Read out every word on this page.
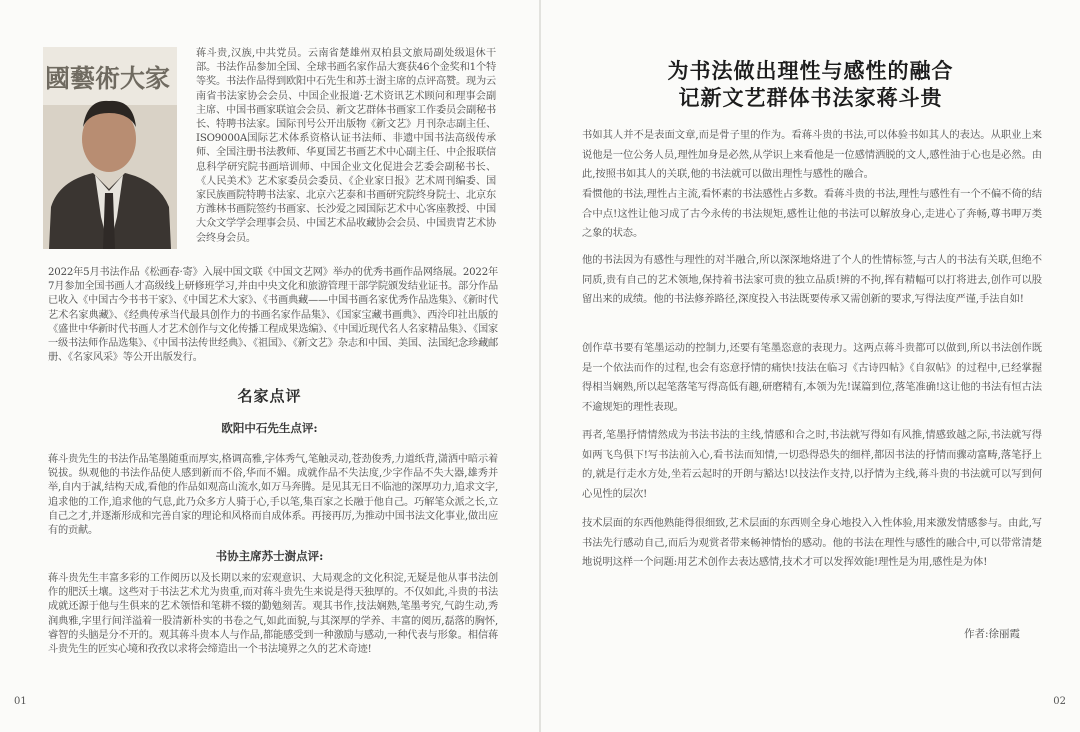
國藝術大家

蒋斗贵,汉族,中共党员。云南省楚雄州双柏县文旅局副处级退休干部。书法作品参加全国、全球书画名家作品大赛获46个金奖和1个特等奖。书法作品得到欧阳中石先生和苏士澍主席的点评高赞。现为云南省书法家协会会员、中国企业报道·艺术资讯艺术顾问和理事会副主席、中国书画家联谊会会员、新文艺群体书画家工作委员会副秘书长、特聘书法家。国际刊号公开出版物《新文艺》月刊杂志副主任、ISO9000A国际艺术体系资格认证书法师、非遗中国书法高级传承师、全国注册书法教师、华夏国艺书画艺术中心副主任、中企报联信息科学研究院书画培训师、中国企业文化促进会艺委会副秘书长、《人民美术》艺术家委员会委员、《企业家日报》艺术周刊编委、国家民族画院特聘书法家、北京六艺泰和书画研究院终身院士、北京东方潍林书画院签约书画家、长沙爱之园国际艺术中心客座教授、中国大众文学学会理事会员、中国艺术品收藏协会会员、中国贵胄艺术协会终身会员。

2022年5月书法作品《松画春·寄》入展中国文联《中国文艺网》举办的优秀书画作品网络展。2022年7月参加全国书画人才高级线上研修班学习,并由中央文化和旅游管理干部学院颁发结业证书。部分作品已收入《中国古今书书干家》、《中国艺术大家》、《书画典藏——中国书画名家优秀作品选集》、《新时代艺术名家典藏》、《经典传承当代最具创作力的书画名家作品集》、《国家宝藏书画典》、西泠印社出版的《盛世中华新时代书画人才艺术创作与文化传播工程成果选编》、《中国近现代名人名家精品集》、《国家一级书法师作品选集》、《中国书法传世经典》、《祖国》、《新文艺》杂志和中国、美国、法国纪念珍藏邮册、《名家风采》等公开出版发行。

名家点评

欧阳中石先生点评:

蒋斗贵先生的书法作品笔墨随重而厚实,格调高雅,字体秀气,笔触灵动,苍劲俊秀,力道纸背,潇洒中暗示着锐拔。纵观他的书法作品使人感到新而不俗,华而不媚。成就作品不失法度,少字作品不失大器,雄秀并举,自内于誠,结构天成,看他的作品如观高山流水,如万马奔腾。是见其无日不临池的深厚功力,追求文字,追求他的工作,追求他的气息,此乃众多方人骑于心,手以笔,集百家之长融于他自己。巧解笔众派之长,立自己之才,并逐渐形成和完善自家的理论和风格而自成体系。再接再厉,为推动中国书法文化事业,做出应有的贡献。

书协主席苏士澍点评:

蒋斗贵先生丰富多彩的工作阅历以及长期以来的宏观意识、大局观念的文化积淀,无疑是他从事书法创作的肥沃土壤。这些对于书法艺术尤为贵重,而对蒋斗贵先生来说是得天独厚的。不仅如此,斗贵的书法成就还源于他与生俱来的艺术领悟和笔耕不辍的勤勉刻苦。观其书作,技法娴熟,笔墨考究,气韵生动,秀润典雅,字里行间洋溢着一股清新朴实的书卷之气,如此面貌,与其深厚的学养、丰富的阅历,磊落的胸怀,睿智的头脑是分不开的。观其蒋斗贵本人与作品,都能感受到一种激励与感动,一种代表与形象。相信蒋斗贵先生的匠实心境和孜孜以求将会缔造出一个书法境界之久的艺术奇迹!

01

为书法做出理性与感性的融合

记新文艺群体书法家蒋斗贵

书如其人并不是表面文章,而是骨子里的作为。看蒋斗贵的书法,可以体验书如其人的表达。从职业上来说他是一位公务人员,理性加身是必然,从学识上来看他是一位感情洒脱的文人,感性油于心也是必然。由此,按照书如其人的关联,他的书法就可以做出理性与感性的融合。

看惯他的书法,理性占主流,看怀素的书法感性占多数。看蒋斗贵的书法,理性与感性有一个不偏不倚的结合中点!这性让他习成了古今永传的书法规矩,感性让他的书法可以解放身心,走进心了奔畅,尊书呷万类之象的状态。

他的书法因为有感性与理性的对半融合,所以深深地烙进了个人的性情标签,与古人的书法有关联,但绝不同质,贵有自己的艺术领地,保持着书法家可贵的独立品质!辨的不拘,挥有精幅可以打将进去,创作可以股留出来的成绩。他的书法修养路径,深度投入书法既要传承又需创新的要求,写得法度严谨,手法自如!

创作草书要有笔墨运动的控制力,还要有笔墨恣意的表现力。这两点蒋斗贵都可以做到,所以书法创作既是一个依法而作的过程,也会有恣意抒情的痛快!技法在临习《古诗四帖》《自叙帖》的过程中,已经掌握得相当娴熟,所以起笔落笔写得高低有趣,研磨精有,本领为先!谋篇到位,落笔准确!这让他的书法有恒古法不逾规矩的理性表现。

再者,笔墨抒情情然成为书法书法的主线,情感和合之时,书法就写得如有风推,情感致越之际,书法就写得如两飞鸟俱下!写书法前入心,看书法而知情,一切恐得恐失的细样,都因书法的抒情而骤动富畴,落笔抒上的,就是行走水方处,坐若云起时的开朗与豁达!以技法作支持,以抒情为主线,蒋斗贵的书法就可以写到何心见性的层次!

技术层面的东西他熟能得很细致,艺术层面的东西则全身心地投入入性体验,用来激发情感参与。由此,写书法先行感动自己,而后为观赏者带来畅神情怡的感动。他的书法在理性与感性的融合中,可以带常清楚地说明这样一个问题:用艺术创作去表达感情,技术才可以发挥效能!理性是为用,感性是为体!

作者:徐丽霞

02
